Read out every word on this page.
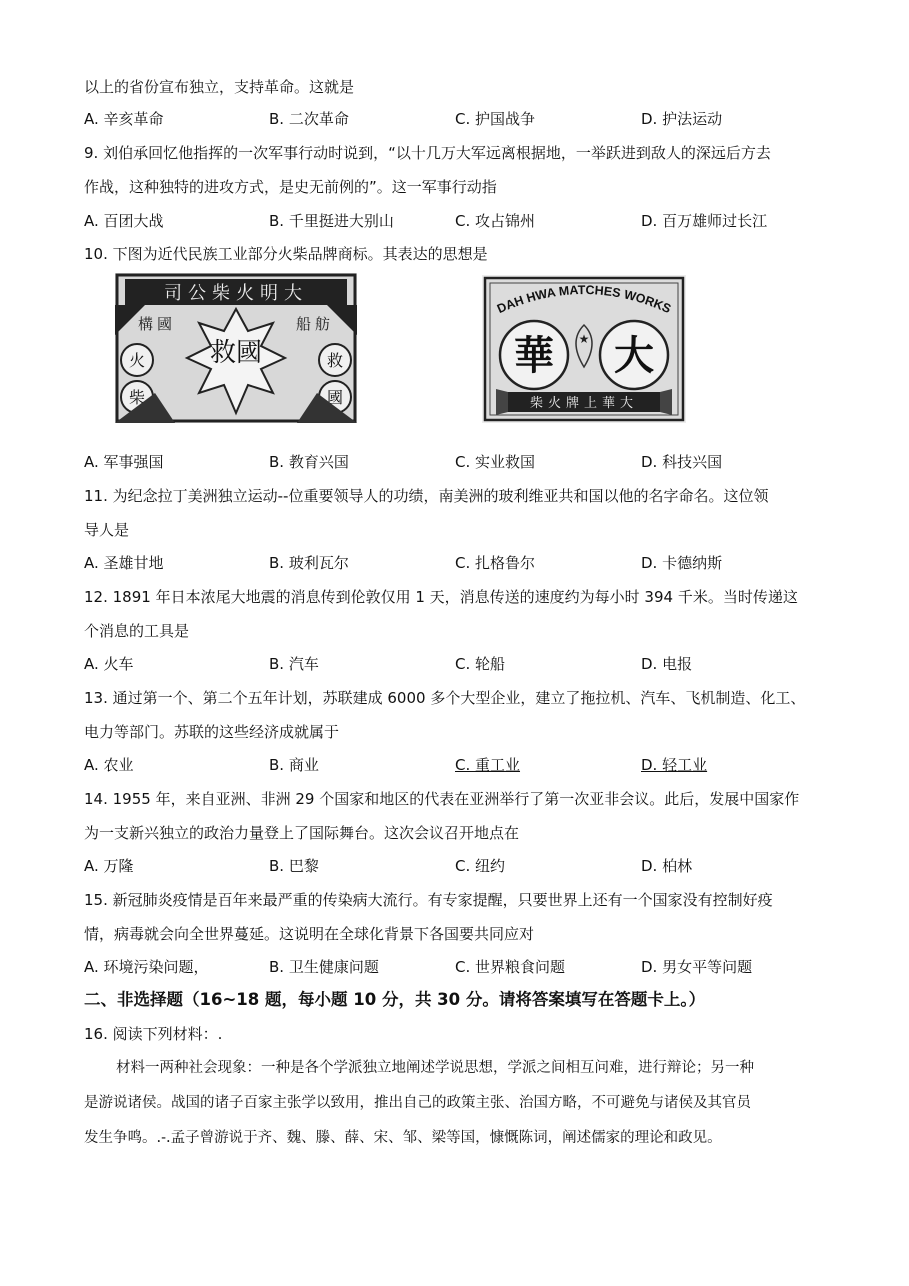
以上的省份宣布独立，支持革命。这就是
A. 辛亥革命	B. 二次革命	C. 护国战争	D. 护法运动
9. 刘伯承回忆他指挥的一次军事行动时说到，“以十几万大军远离根据地，一举跃进到敌人的深远后方去
作战，这种独特的进攻方式，是史无前例的”。这一军事行动指
A. 百团大战	B. 千里挺进大别山	C. 攻占锦州	D. 百万雄师过长江
10. 下图为近代民族工业部分火柴品牌商标。其表达的思想是
司公柴火明大
構國	船舫
救國
火
柴
救
國
DAH HWA MATCHES WORKS
華 大
★
柴火牌上華大
A. 军事强国	B. 教育兴国	C. 实业救国	D. 科技兴国
11. 为纪念拉丁美洲独立运动--位重要领导人的功绩，南美洲的玻利维亚共和国以他的名字命名。这位领
导人是
A. 圣雄甘地	B. 玻利瓦尔	C. 扎格鲁尔	D. 卡德纳斯
12. 1891 年日本浓尾大地震的消息传到伦敦仅用 1 天，消息传送的速度约为每小时 394 千米。当时传递这
个消息的工具是
A. 火车	B. 汽车	C. 轮船	D. 电报
13. 通过第一个、第二个五年计划，苏联建成 6000 多个大型企业，建立了拖拉机、汽车、飞机制造、化工、
电力等部门。苏联的这些经济成就属于
A. 农业	B. 商业	C. 重工业	D. 轻工业
14. 1955 年，来自亚洲、非洲 29 个国家和地区的代表在亚洲举行了第一次亚非会议。此后，发展中国家作
为一支新兴独立的政治力量登上了国际舞台。这次会议召开地点在
A. 万隆	B. 巴黎	C. 纽约	D. 柏林
15. 新冠肺炎疫情是百年来最严重的传染病大流行。有专家提醒，只要世界上还有一个国家没有控制好疫
情，病毒就会向全世界蔓延。这说明在全球化背景下各国要共同应对
A. 环境污染问题，	B. 卫生健康问题	C. 世界粮食问题	D. 男女平等问题
二、非选择题（16~18 题，每小题 10 分，共 30 分。请将答案填写在答题卡上。）
16. 阅读下列材料：.
材料一两种社会现象：一种是各个学派独立地阐述学说思想，学派之间相互问难，进行辩论；另一种
是游说诸侯。战国的诸子百家主张学以致用，推出自己的政策主张、治国方略，不可避免与诸侯及其官员
发生争鸣。.-.孟子曾游说于齐、魏、滕、薛、宋、邹、梁等国，慷慨陈词，阐述儒家的理论和政见。
